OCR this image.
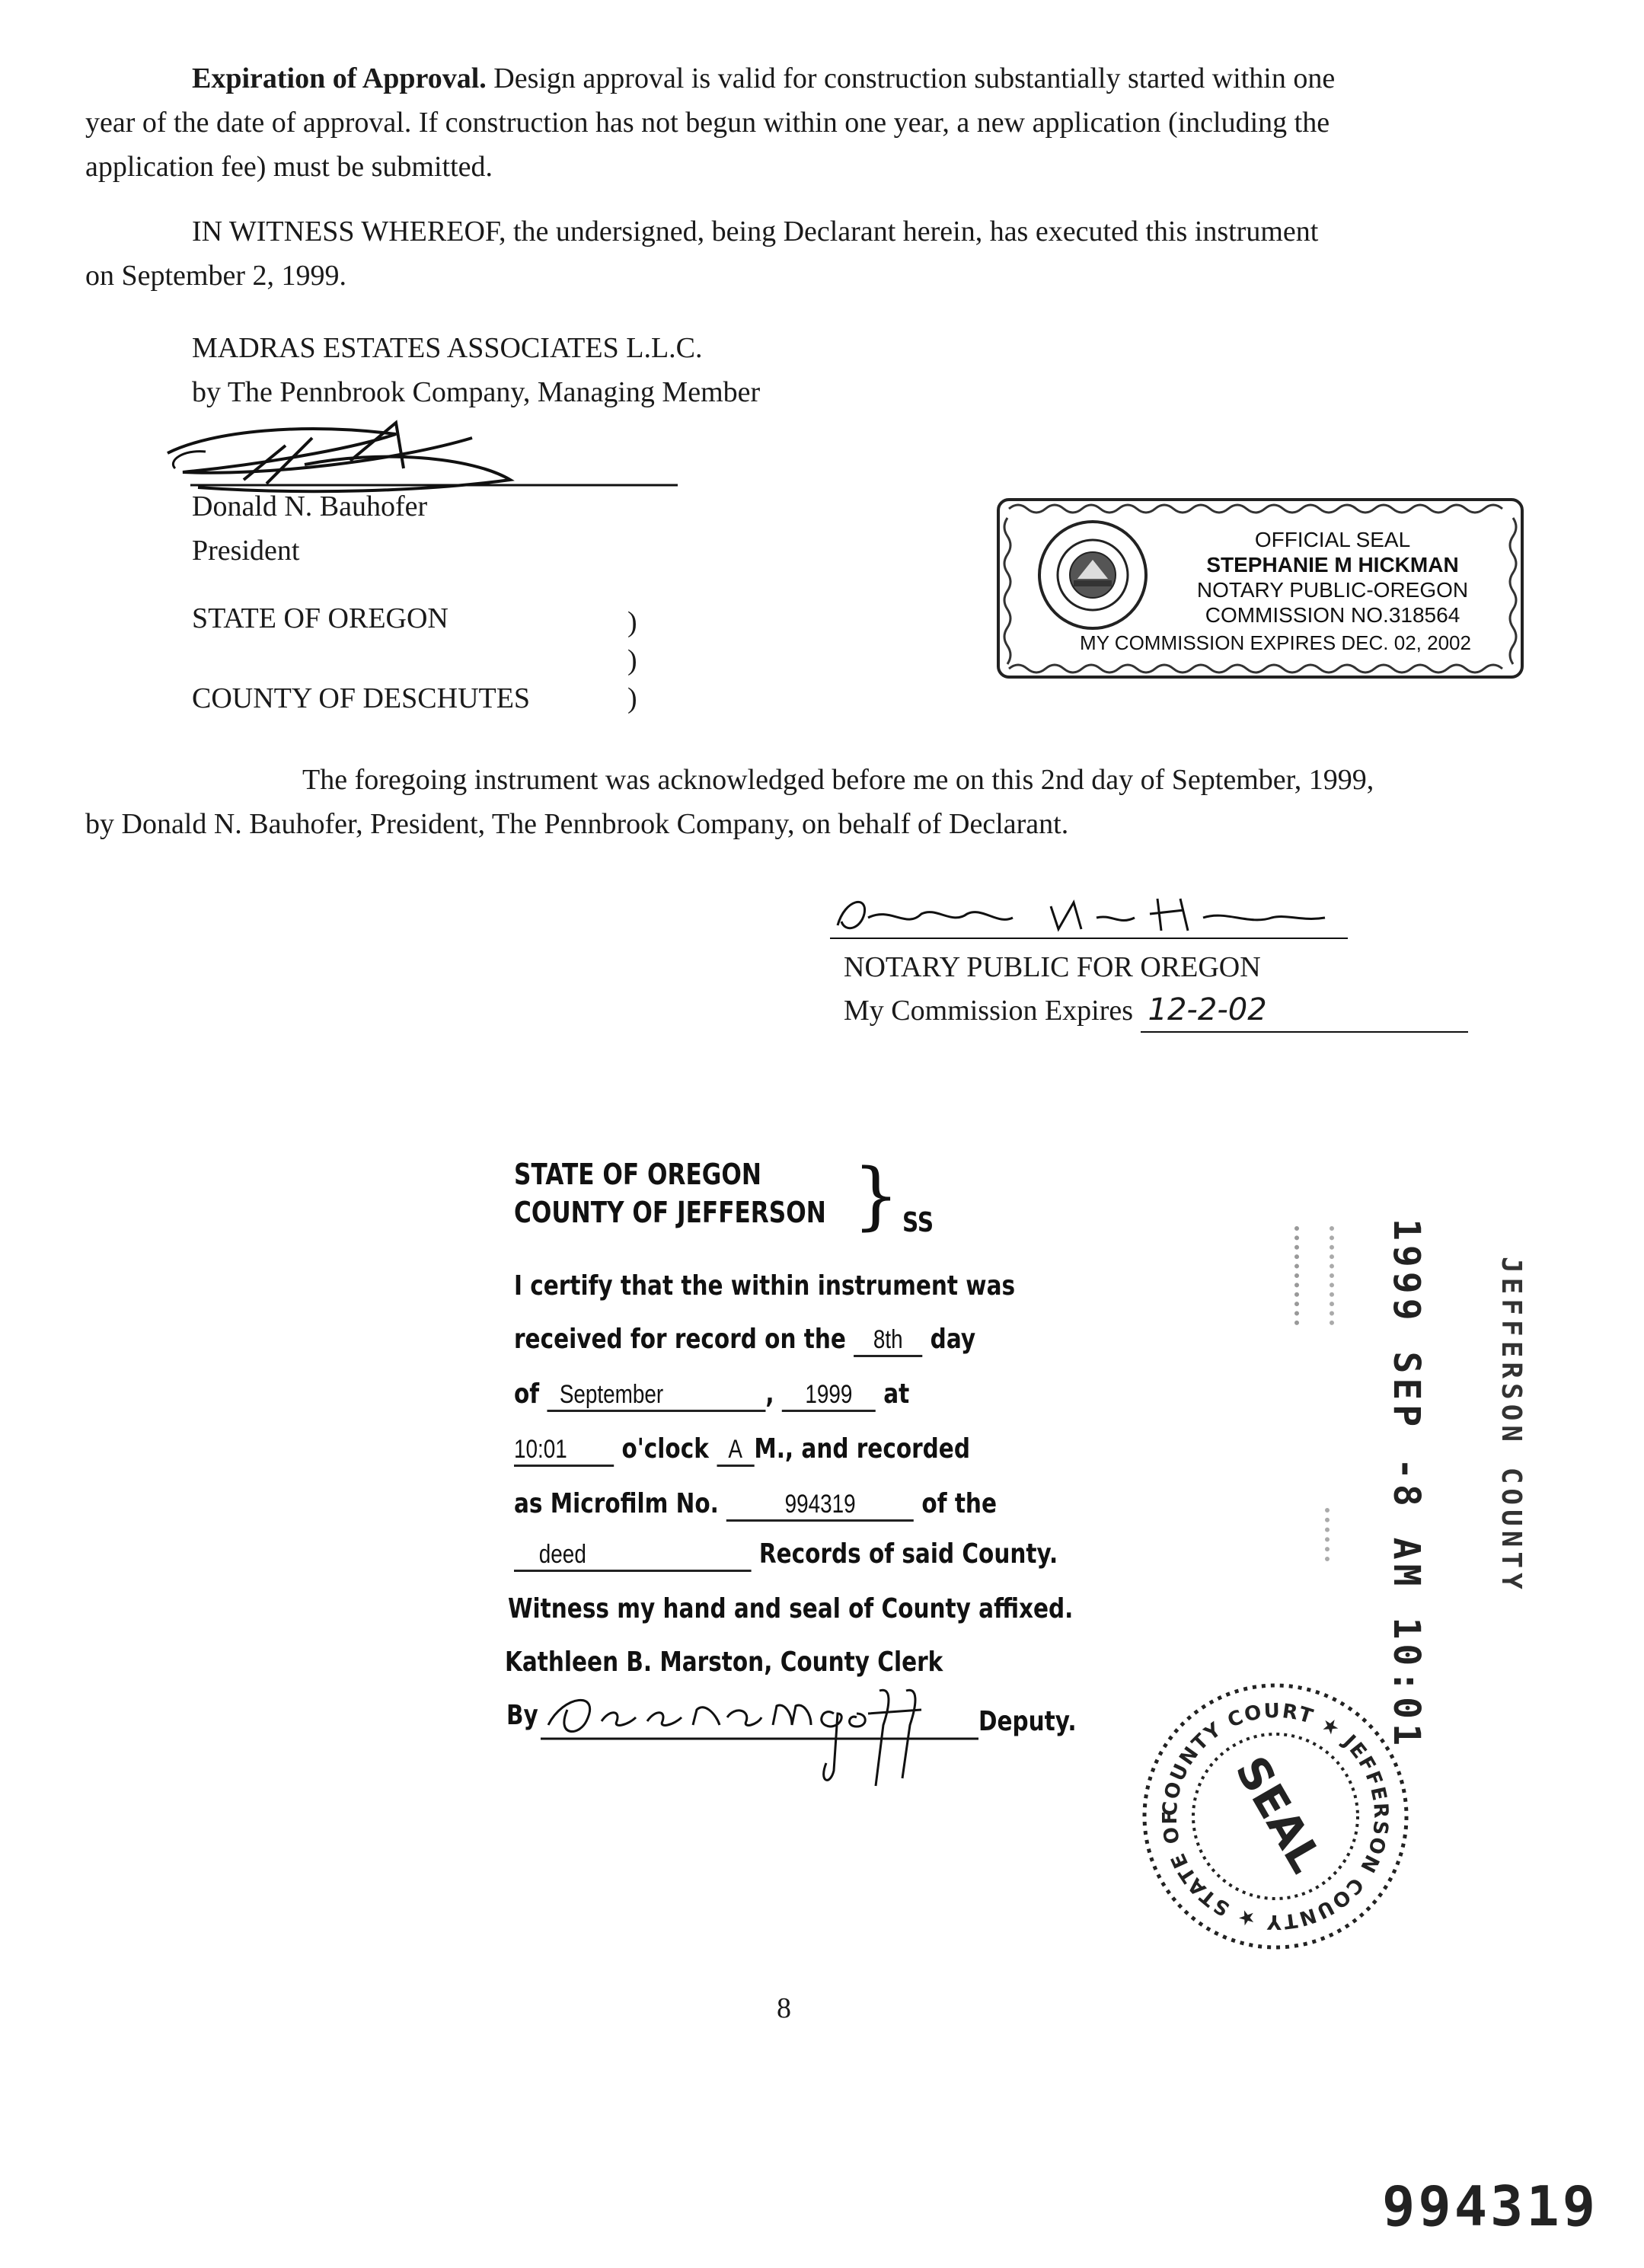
Expiration of Approval. Design approval is valid for construction substantially started within one
year of the date of approval. If construction has not begun within one year, a new application (including the
application fee) must be submitted.
IN WITNESS WHEREOF, the undersigned, being Declarant herein, has executed this instrument
on September 2, 1999.
MADRAS ESTATES ASSOCIATES L.L.C.
by The Pennbrook Company, Managing Member
Donald N. Bauhofer
President
STATE OF OREGON
COUNTY OF DESCHUTES
)
)
)
OFFICIAL SEAL
STEPHANIE M HICKMAN
NOTARY PUBLIC-OREGON
COMMISSION NO.318564
MY COMMISSION EXPIRES DEC. 02, 2002
The foregoing instrument was acknowledged before me on this 2nd day of September, 1999,
by Donald N. Bauhofer, President, The Pennbrook Company, on behalf of Declarant.
NOTARY PUBLIC FOR OREGON
My Commission Expires 12-2-02
STATE OF OREGON
COUNTY OF JEFFERSON } SS
I certify that the within instrument was
received for record on the 8th day
of September	, 1999 at
10:01 o'clock A M., and recorded
as Microfilm No.	994319 of the
deed	Records of said County.
Witness my hand and seal of County affixed.
Kathleen B. Marston, County Clerk
By	Deputy.
COUNTY COURT ★ JEFFERSON COUNTY ★ STATE OF SEAL
1999 SEP -8 AM 10:01 JEFFERSON COUNTY
8
994319
